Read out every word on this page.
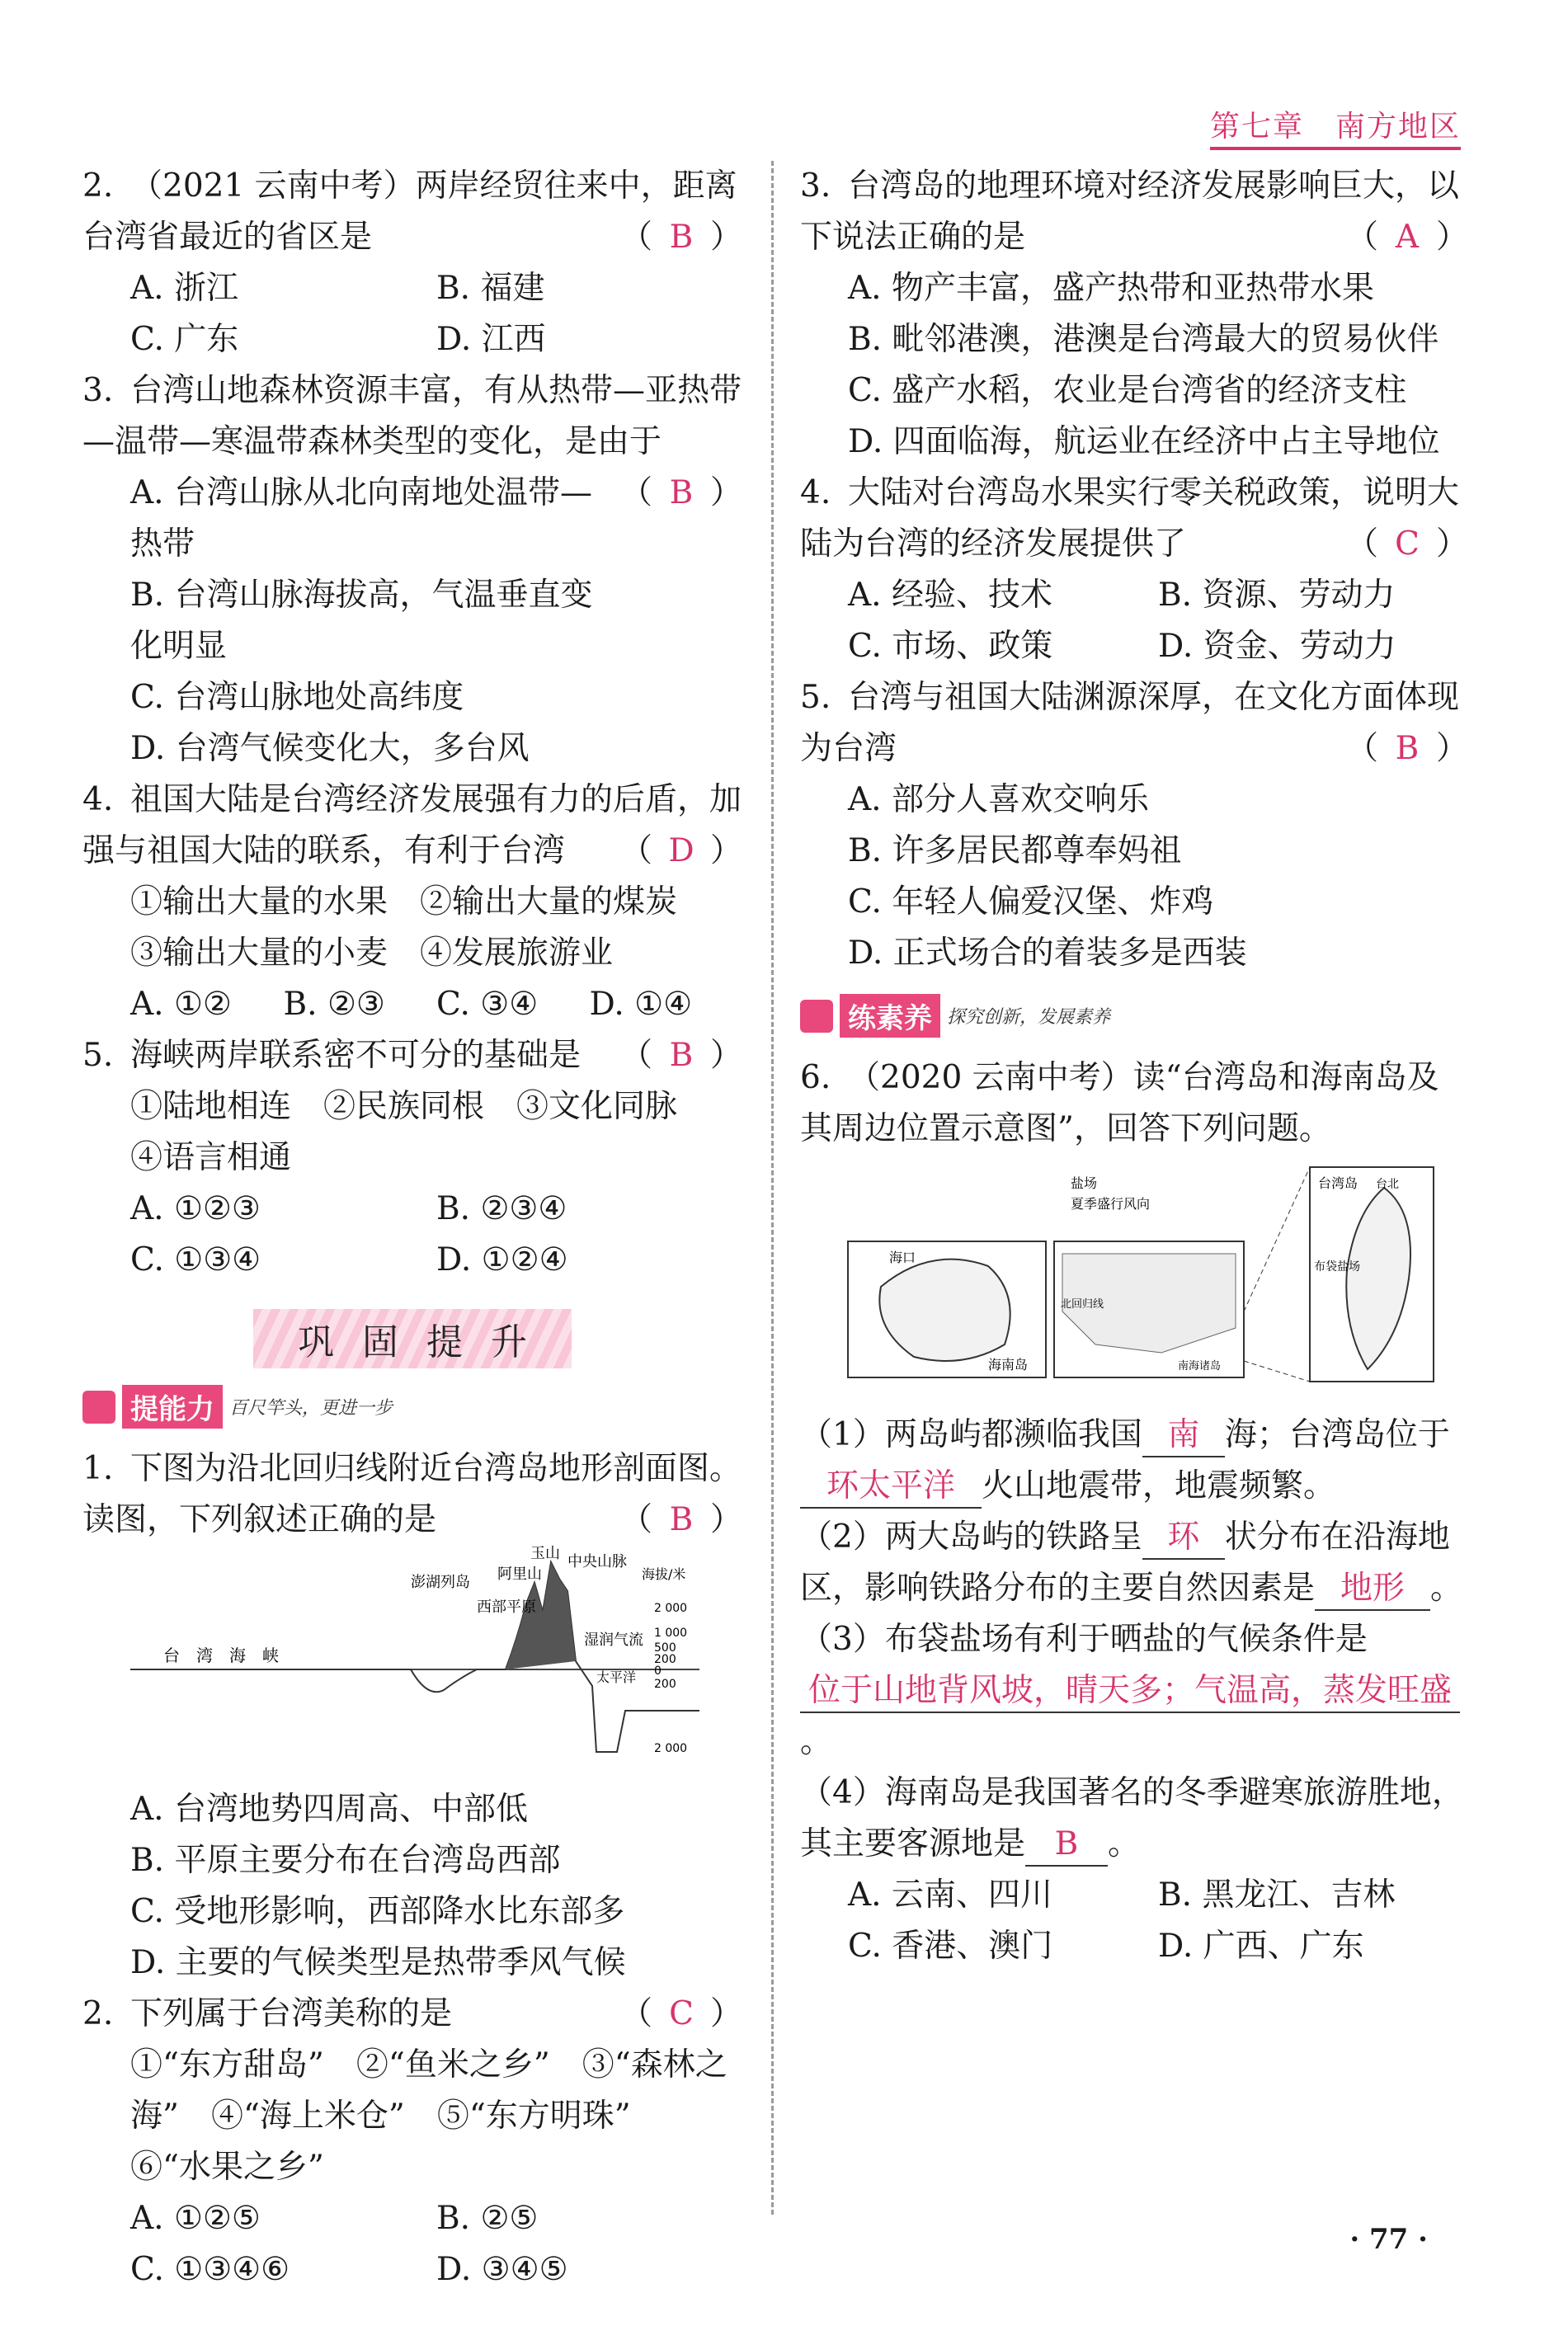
第七章　南方地区
2. （2021 云南中考）两岸经贸往来中，距离台湾省最近的省区是	（ B ）
A. 浙江	B. 福建
C. 广东	D. 江西
3. 台湾山地森林资源丰富，有从热带—亚热带—温带—寒温带森林类型的变化，是由于
（ B ）
A. 台湾山脉从北向南地处温带—热带
B. 台湾山脉海拔高，气温垂直变化明显
C. 台湾山脉地处高纬度
D. 台湾气候变化大，多台风
4. 祖国大陆是台湾经济发展强有力的后盾，加强与祖国大陆的联系，有利于台湾 （ D ）
①输出大量的水果　②输出大量的煤炭
③输出大量的小麦　④发展旅游业
A. ①②	B. ②③	C. ③④	D. ①④
5. 海峡两岸联系密不可分的基础是 （ B ）
①陆地相连　②民族同根　③文化同脉
④语言相通
A. ①②③	B. ②③④
C. ①③④	D. ①②④
巩固提升
提能力 百尺竿头，更进一步
1. 下图为沿北回归线附近台湾岛地形剖面图。读图，下列叙述正确的是	（ B ）
台　湾　海　峡
澎湖列岛
西部平原
阿里山
玉山 中央山脉
湿润气流
太平洋
海拔/米
2 000
1 000
500
200
0
200
2 000
A. 台湾地势四周高、中部低
B. 平原主要分布在台湾岛西部
C. 受地形影响，西部降水比东部多
D. 主要的气候类型是热带季风气候
2. 下列属于台湾美称的是	（ C ）
①“东方甜岛”　②“鱼米之乡”　③“森林之海”　④“海上米仓”　⑤“东方明珠”
⑥“水果之乡”
A. ①②⑤	B. ②⑤
C. ①③④⑥	D. ③④⑤
3. 台湾岛的地理环境对经济发展影响巨大，以下说法正确的是	（ A ）
A. 物产丰富，盛产热带和亚热带水果
B. 毗邻港澳，港澳是台湾最大的贸易伙伴
C. 盛产水稻，农业是台湾省的经济支柱
D. 四面临海，航运业在经济中占主导地位
4. 大陆对台湾岛水果实行零关税政策，说明大陆为台湾的经济发展提供了	（ C ）
A. 经验、技术	B. 资源、劳动力
C. 市场、政策	D. 资金、劳动力
5. 台湾与祖国大陆渊源深厚，在文化方面体现为台湾	（ B ）
A. 部分人喜欢交响乐
B. 许多居民都尊奉妈祖
C. 年轻人偏爱汉堡、炸鸡
D. 正式场合的着装多是西装
练素养 探究创新，发展素养
6. （2020 云南中考）读“台湾岛和海南岛及其周边位置示意图”，回答下列问题。
海口
海南岛
北回归线
南海诸岛
盐场
夏季盛行风向
台湾岛 台北
布袋盐场
（1）两岛屿都濒临我国 南 海；台湾岛位于环太平洋 火山地震带，地震频繁。
（2）两大岛屿的铁路呈 环 状分布在沿海地区，影响铁路分布的主要自然因素是 地形 。
（3）布袋盐场有利于晒盐的气候条件是位于山地背风坡，晴天多；气温高，蒸发旺盛。
（4）海南岛是我国著名的冬季避寒旅游胜地，其主要客源地是 B 。
A. 云南、四川	B. 黑龙江、吉林
C. 香港、澳门	D. 广西、广东
· 77 ·
